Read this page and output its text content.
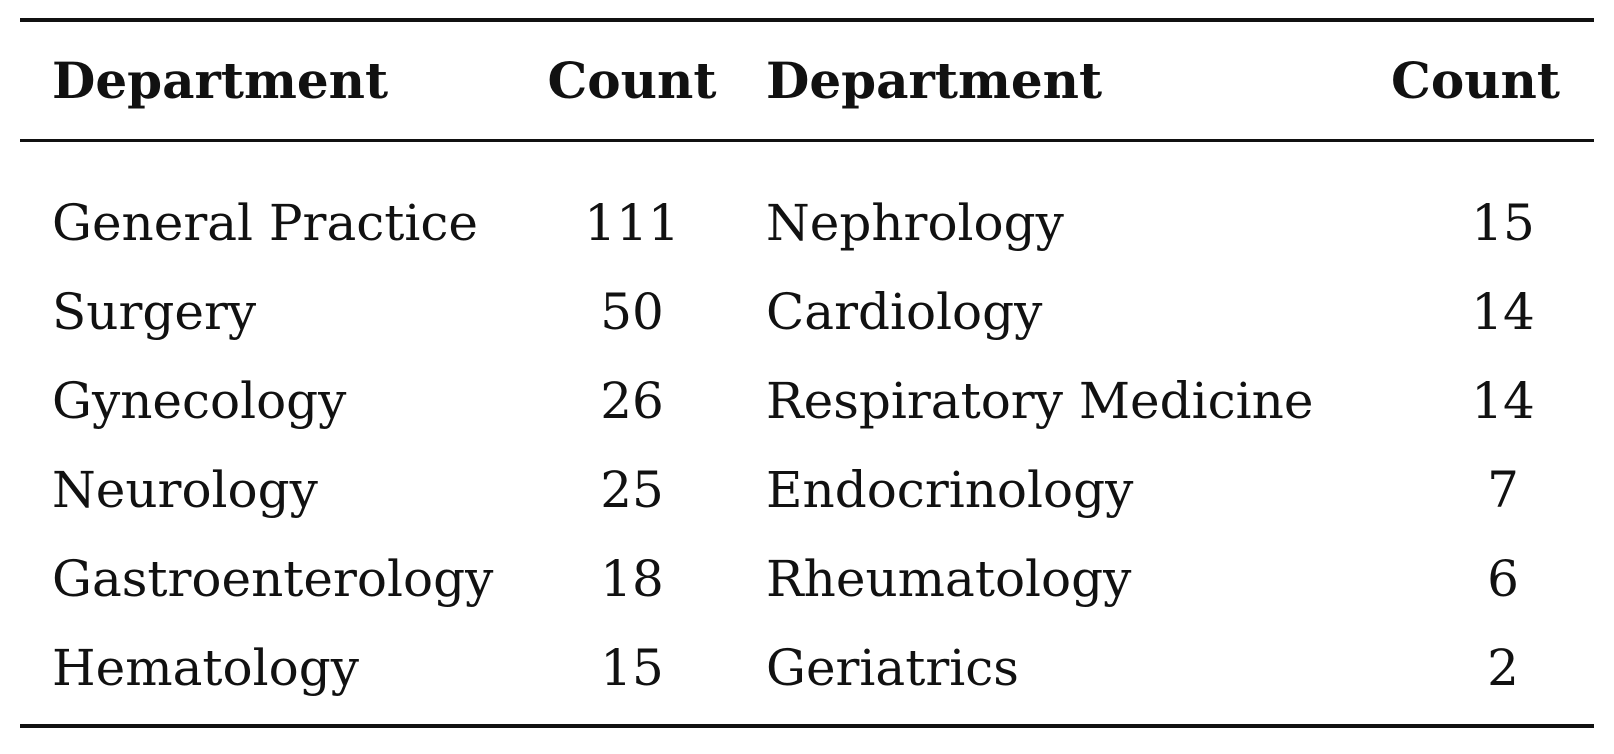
Department	Count	Department	Count
General Practice	111	Nephrology	15
Surgery	50	Cardiology	14
Gynecology	26	Respiratory Medicine	14
Neurology	25	Endocrinology	7
Gastroenterology	18	Rheumatology	6
Hematology	15	Geriatrics	2
